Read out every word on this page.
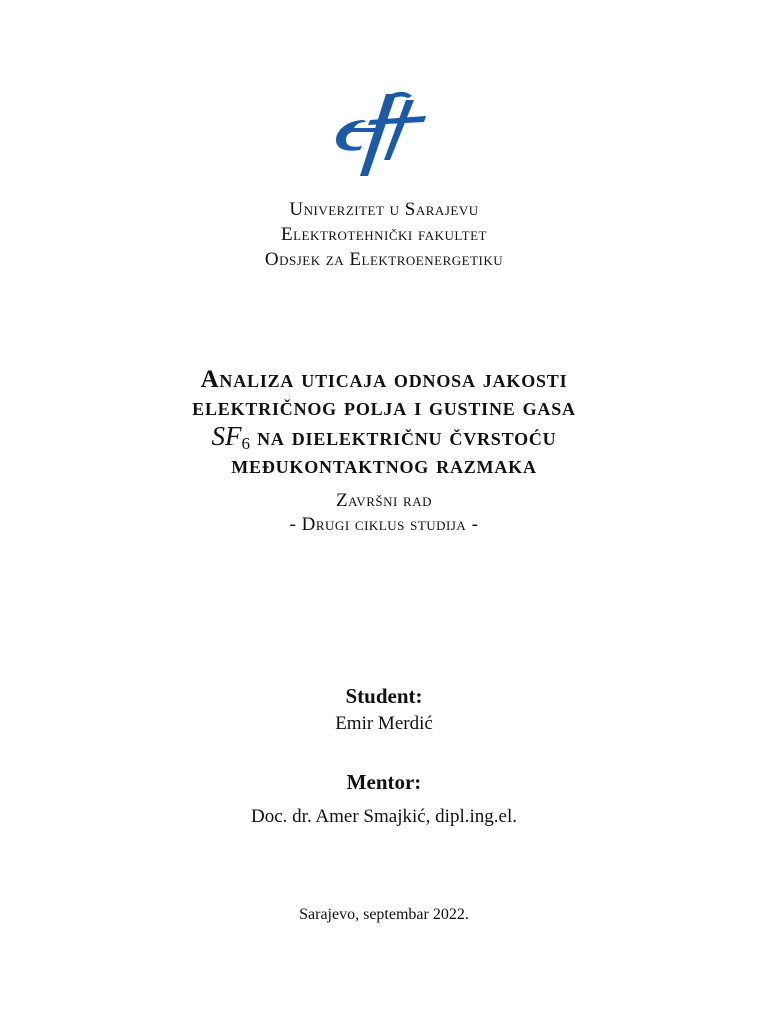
Univerzitet u Sarajevu
Elektrotehnički fakultet
Odsjek za Elektroenergetiku
Analiza uticaja odnosa jakosti
električnog polja i gustine gasa
$SF_6$ na dielektričnu čvrstoću
međukontaktnog razmaka
Završni rad
- Drugi ciklus studija -
Student:
Emir Merdić
Mentor:
Doc. dr. Amer Smajkić, dipl.ing.el.
Sarajevo, septembar 2022.
